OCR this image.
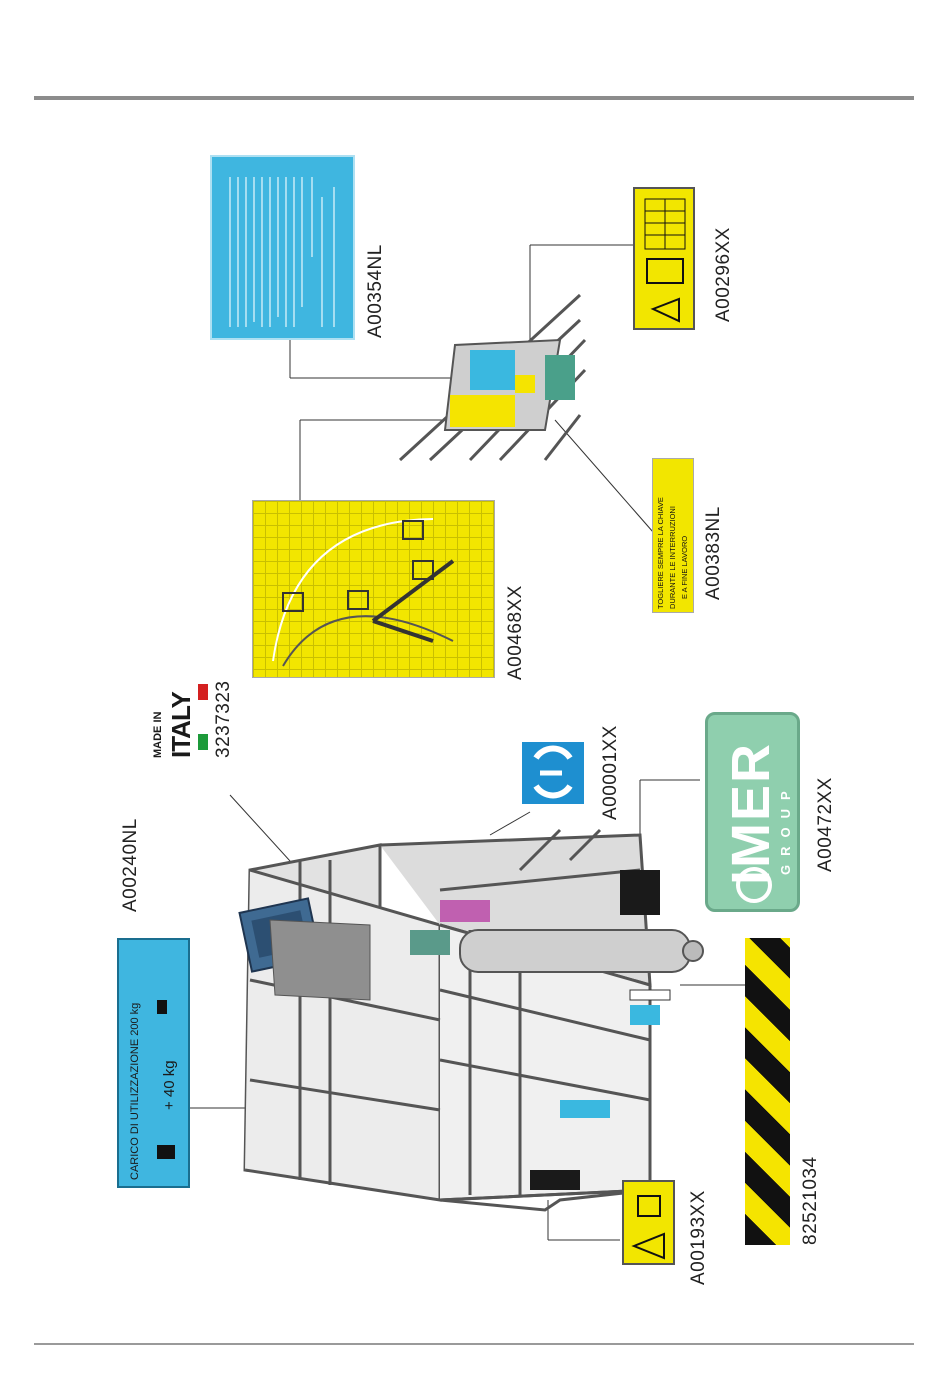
CARICO DI UTILIZZAZIONE 200 kg + 40 kg
A00240NL
A00193XX	82521034
IMER
GROUP A00472XX
A00001XX
MADE IN ITALY 3237323
A00468XX
TOGLIERE SEMPRE LA CHIAVE DURANTE LE INTERRUZIONI E A FINE LAVORO A00383NL
A00354NL	A00296XX
